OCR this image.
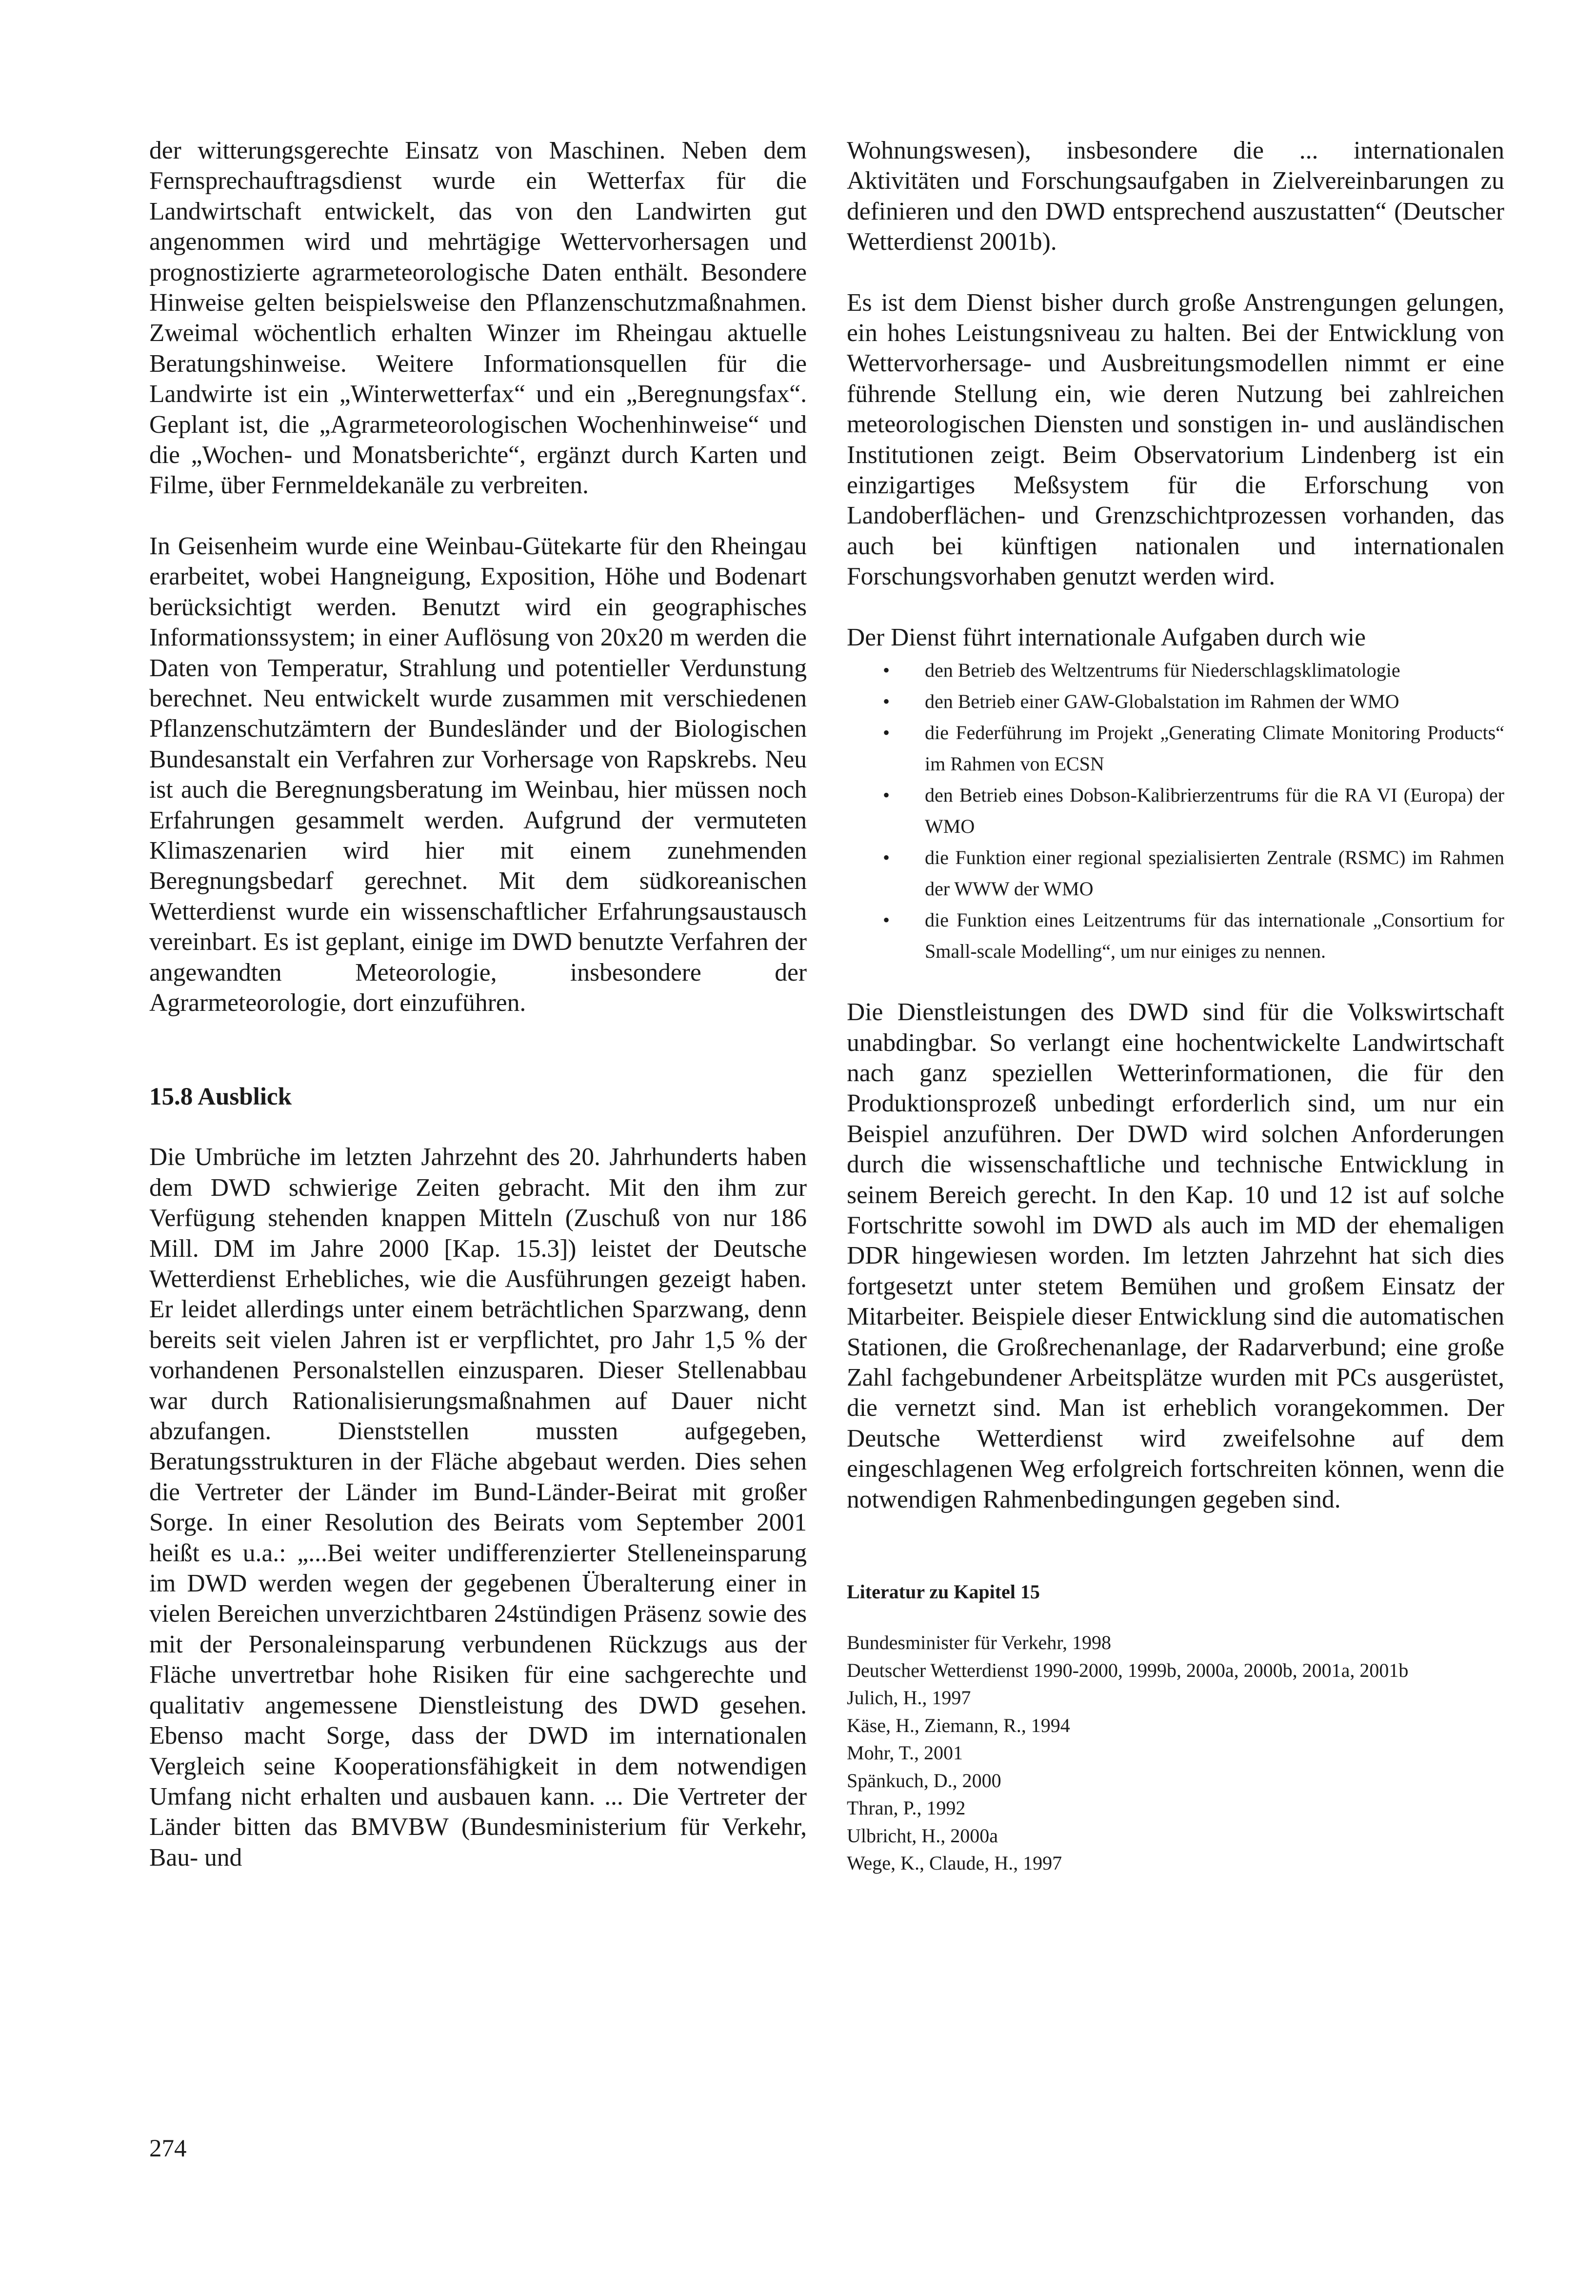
der witterungsgerechte Einsatz von Maschinen. Neben dem Fernsprechauftragsdienst wurde ein Wetterfax für die Landwirtschaft entwickelt, das von den Landwirten gut angenommen wird und mehrtägige Wettervorhersagen und prognostizierte agrarmeteorologische Daten enthält. Besondere Hinweise gelten beispielsweise den Pflanzenschutzmaßnahmen. Zweimal wöchentlich erhalten Winzer im Rheingau aktuelle Beratungshinweise. Weitere Informationsquellen für die Landwirte ist ein „Winterwetterfax“ und ein „Beregnungsfax“. Geplant ist, die „Agrarmeteorologischen Wochenhinweise“ und die „Wochen- und Monatsberichte“, ergänzt durch Karten und Filme, über Fernmeldekanäle zu verbreiten.

In Geisenheim wurde eine Weinbau-Gütekarte für den Rheingau erarbeitet, wobei Hangneigung, Exposition, Höhe und Bodenart berücksichtigt werden. Benutzt wird ein geographisches Informationssystem; in einer Auflösung von 20x20 m werden die Daten von Temperatur, Strahlung und potentieller Verdunstung berechnet. Neu entwickelt wurde zusammen mit verschiedenen Pflanzenschutzämtern der Bundesländer und der Biologischen Bundesanstalt ein Verfahren zur Vorhersage von Rapskrebs. Neu ist auch die Beregnungsberatung im Weinbau, hier müssen noch Erfahrungen gesammelt werden. Aufgrund der vermuteten Klimaszenarien wird hier mit einem zunehmenden Beregnungsbedarf gerechnet. Mit dem südkoreanischen Wetterdienst wurde ein wissenschaftlicher Erfahrungsaustausch vereinbart. Es ist geplant, einige im DWD benutzte Verfahren der angewandten Meteorologie, insbesondere der Agrarmeteorologie, dort einzuführen.

15.8 Ausblick

Die Umbrüche im letzten Jahrzehnt des 20. Jahrhunderts haben dem DWD schwierige Zeiten gebracht. Mit den ihm zur Verfügung stehenden knappen Mitteln (Zuschuß von nur 186 Mill. DM im Jahre 2000 [Kap. 15.3]) leistet der Deutsche Wetterdienst Erhebliches, wie die Ausführungen gezeigt haben. Er leidet allerdings unter einem beträchtlichen Sparzwang, denn bereits seit vielen Jahren ist er verpflichtet, pro Jahr 1,5 % der vorhandenen Personalstellen einzusparen. Dieser Stellenabbau war durch Rationalisierungsmaßnahmen auf Dauer nicht abzufangen. Dienststellen mussten aufgegeben, Beratungsstrukturen in der Fläche abgebaut werden. Dies sehen die Vertreter der Länder im Bund-Länder-Beirat mit großer Sorge. In einer Resolution des Beirats vom September 2001 heißt es u.a.: „...Bei weiter undifferenzierter Stelleneinsparung im DWD werden wegen der gegebenen Überalterung einer in vielen Bereichen unverzichtbaren 24stündigen Präsenz sowie des mit der Personaleinsparung verbundenen Rückzugs aus der Fläche unvertretbar hohe Risiken für eine sachgerechte und qualitativ angemessene Dienstleistung des DWD gesehen. Ebenso macht Sorge, dass der DWD im internationalen Vergleich seine Kooperationsfähigkeit in dem notwendigen Umfang nicht erhalten und ausbauen kann. ... Die Vertreter der Länder bitten das BMVBW (Bundesministerium für Verkehr, Bau- und

Wohnungswesen), insbesondere die ... internationalen Aktivitäten und Forschungsaufgaben in Zielvereinbarungen zu definieren und den DWD entsprechend auszustatten“ (Deutscher Wetterdienst 2001b).

Es ist dem Dienst bisher durch große Anstrengungen gelungen, ein hohes Leistungsniveau zu halten. Bei der Entwicklung von Wettervorhersage- und Ausbreitungsmodellen nimmt er eine führende Stellung ein, wie deren Nutzung bei zahlreichen meteorologischen Diensten und sonstigen in- und ausländischen Institutionen zeigt. Beim Observatorium Lindenberg ist ein einzigartiges Meßsystem für die Erforschung von Landoberflächen- und Grenzschichtprozessen vorhanden, das auch bei künftigen nationalen und internationalen Forschungsvorhaben genutzt werden wird.

Der Dienst führt internationale Aufgaben durch wie

• den Betrieb des Weltzentrums für Niederschlagsklimatologie
• den Betrieb einer GAW-Globalstation im Rahmen der WMO
• die Federführung im Projekt „Generating Climate Monitoring Products“ im Rahmen von ECSN
• den Betrieb eines Dobson-Kalibrierzentrums für die RA VI (Europa) der WMO
• die Funktion einer regional spezialisierten Zentrale (RSMC) im Rahmen der WWW der WMO
• die Funktion eines Leitzentrums für das internationale „Consortium for Small-scale Modelling“, um nur einiges zu nennen.

Die Dienstleistungen des DWD sind für die Volkswirtschaft unabdingbar. So verlangt eine hochentwickelte Landwirtschaft nach ganz speziellen Wetterinformationen, die für den Produktionsprozeß unbedingt erforderlich sind, um nur ein Beispiel anzuführen. Der DWD wird solchen Anforderungen durch die wissenschaftliche und technische Entwicklung in seinem Bereich gerecht. In den Kap. 10 und 12 ist auf solche Fortschritte sowohl im DWD als auch im MD der ehemaligen DDR hingewiesen worden. Im letzten Jahrzehnt hat sich dies fortgesetzt unter stetem Bemühen und großem Einsatz der Mitarbeiter. Beispiele dieser Entwicklung sind die automatischen Stationen, die Großrechenanlage, der Radarverbund; eine große Zahl fachgebundener Arbeitsplätze wurden mit PCs ausgerüstet, die vernetzt sind. Man ist erheblich vorangekommen. Der Deutsche Wetterdienst wird zweifelsohne auf dem eingeschlagenen Weg erfolgreich fortschreiten können, wenn die notwendigen Rahmenbedingungen gegeben sind.

Literatur zu Kapitel 15
Bundesminister für Verkehr, 1998
Deutscher Wetterdienst 1990-2000, 1999b, 2000a, 2000b, 2001a, 2001b
Julich, H., 1997
Käse, H., Ziemann, R., 1994
Mohr, T., 2001
Spänkuch, D., 2000
Thran, P., 1992
Ulbricht, H., 2000a
Wege, K., Claude, H., 1997
274
